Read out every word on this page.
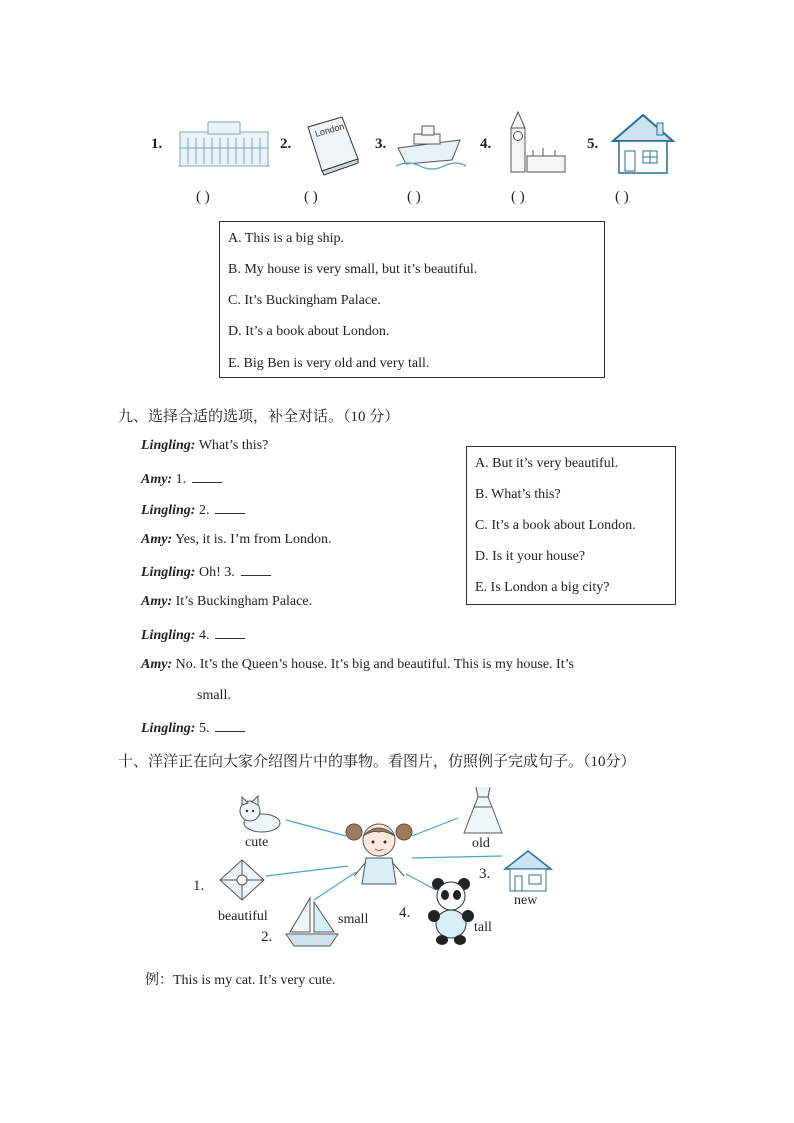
1.	2.
London
3.	4.	5.
( )	( )	( )	( )	( )
A. This is a big ship.
B. My house is very small, but it’s beautiful.
C. It’s Buckingham Palace.
D. It’s a book about London.
E. Big Ben is very old and very tall.
九、选择合适的选项，补全对话。（10 分）
Lingling: What’s this?
Amy: 1.
Lingling: 2.
Amy: Yes, it is. I’m from London.
Lingling: Oh! 3.
Amy: It’s Buckingham Palace.
Lingling: 4.
Amy: No. It’s the Queen’s house. It’s big and beautiful. This is my house. It’s
small.
Lingling: 5.
A. But it’s very beautiful.
B. What’s this?
C. It’s a book about London.
D. Is it your house?
E. Is London a big city?
十、洋洋正在向大家介绍图片中的事物。看图片，仿照例子完成句子。（10分）
cute	old
new
3.
1.
beautiful	small
2.
4.
tall
例：This is my cat. It’s very cute.
